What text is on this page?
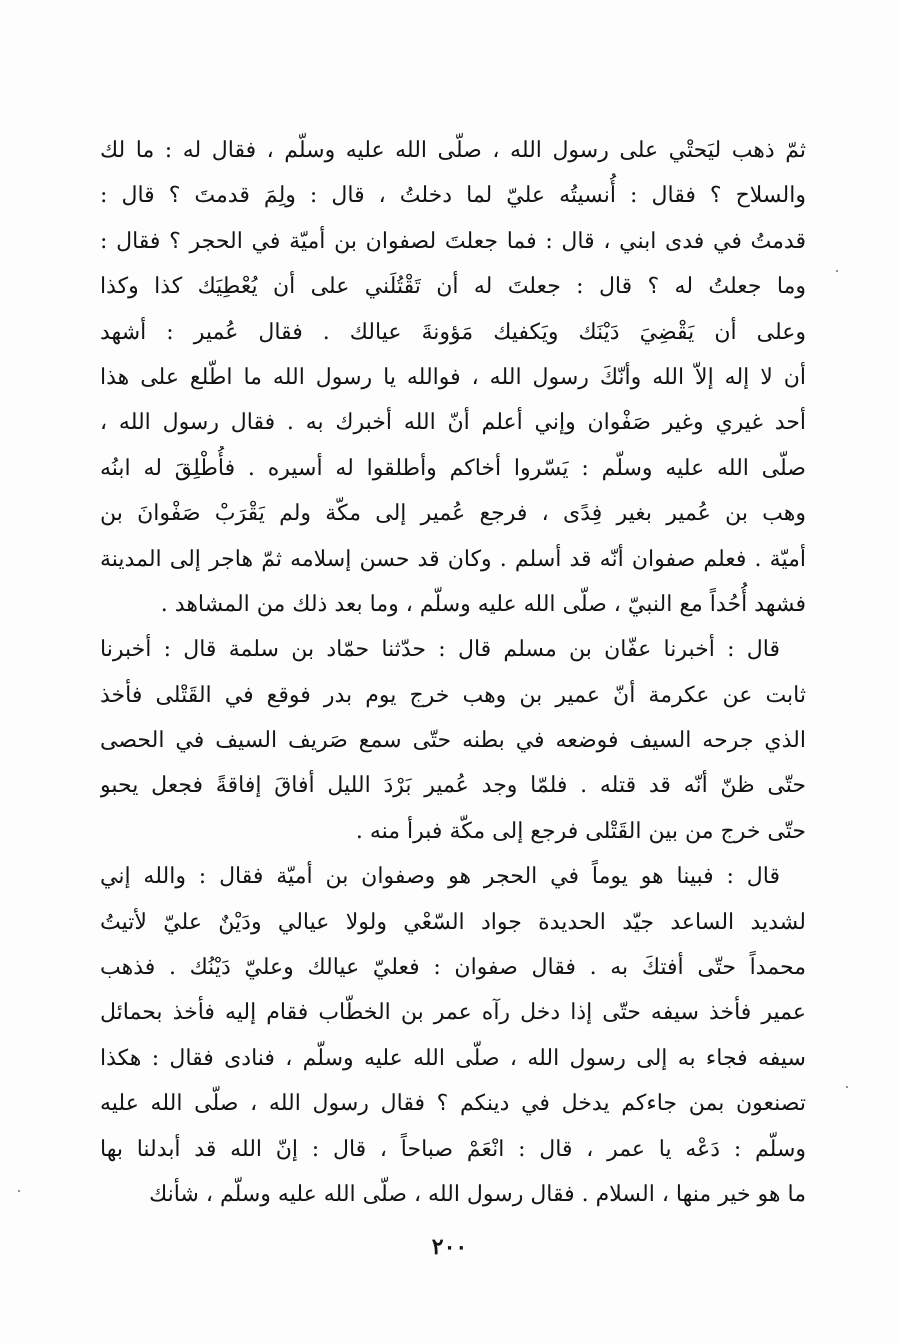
ثمّ ذهب ليَحتْي على رسول الله ، صلّى الله عليه وسلّم ، فقال له : ما لك
والسلاح ؟ فقال : أُنسيتُه عليّ لما دخلتُ ، قال : ولِمَ قدمتَ ؟ قال :
قدمتُ في فدى ابني ، قال : فما جعلتَ لصفوان بن أميّة في الحجر ؟ فقال :
وما جعلتُ له ؟ قال : جعلتَ له أن تَقْتُلَني على أن يُعْطِيَك كذا وكذا
وعلى أن يَقْضِيَ دَيْنَك ويَكفيك مَؤونةَ عيالك . فقال عُمير : أشهد
أن لا إله إلاّ الله وأنّكَ رسول الله ، فوالله يا رسول الله ما اطّلع على هذا
أحد غيري وغير صَفْوان وإني أعلم أنّ الله أخبرك به . فقال رسول الله ،
صلّى الله عليه وسلّم : يَسّروا أخاكم وأطلقوا له أسيره . فأُطْلِقَ له ابنُه
وهب بن عُمير بغير فِدًى ، فرجع عُمير إلى مكّة ولم يَقْرَبْ صَفْوانَ بن
أميّة . فعلم صفوان أنّه قد أسلم . وكان قد حسن إسلامه ثمّ هاجر إلى المدينة
فشهد أُحُداً مع النبيّ ، صلّى الله عليه وسلّم ، وما بعد ذلك من المشاهد .
قال : أخبرنا عفّان بن مسلم قال : حدّثنا حمّاد بن سلمة قال : أخبرنا
ثابت عن عكرمة أنّ عمير بن وهب خرج يوم بدر فوقع في القَتْلى فأخذ
الذي جرحه السيف فوضعه في بطنه حتّى سمع صَريف السيف في الحصى
حتّى ظنّ أنّه قد قتله . فلمّا وجد عُمير بَرْدَ الليل أفاقَ إفاقةً فجعل يحبو
حتّى خرج من بين القَتْلى فرجع إلى مكّة فبرأ منه .
قال : فبينا هو يوماً في الحجر هو وصفوان بن أميّة فقال : والله إني
لشديد الساعد جيّد الحديدة جواد السّعْي ولولا عيالي ودَيْنٌ عليّ لأتيتُ
محمداً حتّى أفتكَ به . فقال صفوان : فعليّ عيالك وعليّ دَيْنُك . فذهب
عمير فأخذ سيفه حتّى إذا دخل رآه عمر بن الخطّاب فقام إليه فأخذ بحمائل
سيفه فجاء به إلى رسول الله ، صلّى الله عليه وسلّم ، فنادى فقال : هكذا
تصنعون بمن جاءكم يدخل في دينكم ؟ فقال رسول الله ، صلّى الله عليه
وسلّم : دَعْه يا عمر ، قال : انْعَمْ صباحاً ، قال : إنّ الله قد أبدلنا بها
ما هو خير منها ، السلام . فقال رسول الله ، صلّى الله عليه وسلّم ، شأنك
٢٠٠
